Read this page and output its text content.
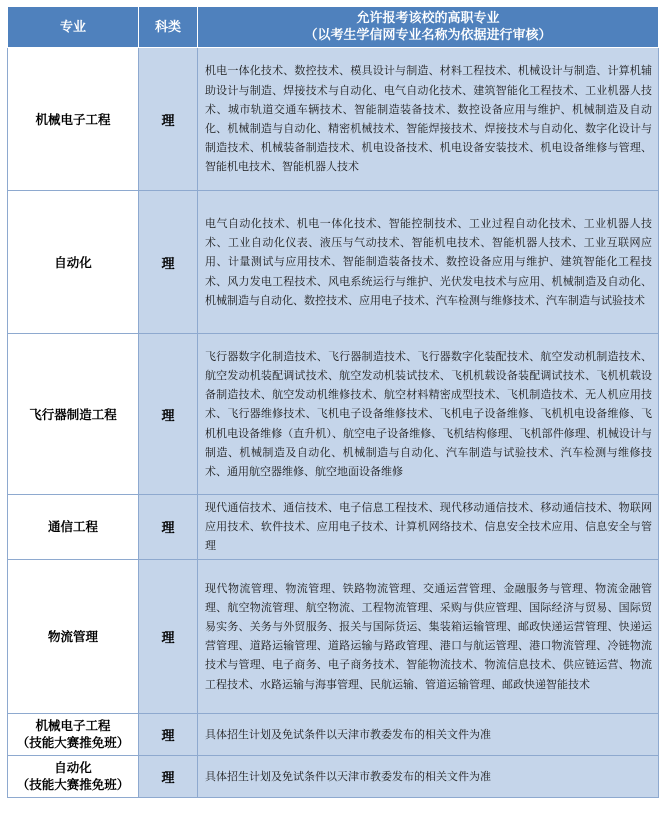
专业	科类	允许报考该校的高职专业
（以考生学信网专业名称为依据进行审核）

机械电子工程	理	机电一体化技术、数控技术、模具设计与制造、材料工程技术、机械设计与制造、计算机辅助设计与制造、焊接技术与自动化、电气自动化技术、建筑智能化工程技术、工业机器人技术、城市轨道交通车辆技术、智能制造装备技术、数控设备应用与维护、机械制造及自动化、机械制造与自动化、精密机械技术、智能焊接技术、焊接技术与自动化、数字化设计与制造技术、机械装备制造技术、机电设备技术、机电设备安装技术、机电设备维修与管理、智能机电技术、智能机器人技术
自动化	理	电气自动化技术、机电一体化技术、智能控制技术、工业过程自动化技术、工业机器人技术、工业自动化仪表、液压与气动技术、智能机电技术、智能机器人技术、工业互联网应用、计量测试与应用技术、智能制造装备技术、数控设备应用与维护、建筑智能化工程技术、风力发电工程技术、风电系统运行与维护、光伏发电技术与应用、机械制造及自动化、机械制造与自动化、数控技术、应用电子技术、汽车检测与维修技术、汽车制造与试验技术
飞行器制造工程	理	飞行器数字化制造技术、飞行器制造技术、飞行器数字化装配技术、航空发动机制造技术、航空发动机装配调试技术、航空发动机装试技术、飞机机载设备装配调试技术、飞机机载设备制造技术、航空发动机维修技术、航空材料精密成型技术、飞机制造技术、无人机应用技术、飞行器维修技术、飞机电子设备维修技术、飞机电子设备维修、飞机机电设备维修、飞机机电设备维修（直升机）、航空电子设备维修、飞机结构修理、飞机部件修理、机械设计与制造、机械制造及自动化、机械制造与自动化、汽车制造与试验技术、汽车检测与维修技术、通用航空器维修、航空地面设备维修
通信工程	理	现代通信技术、通信技术、电子信息工程技术、现代移动通信技术、移动通信技术、物联网应用技术、软件技术、应用电子技术、计算机网络技术、信息安全技术应用、信息安全与管理
物流管理	理	现代物流管理、物流管理、铁路物流管理、交通运营管理、金融服务与管理、物流金融管理、航空物流管理、航空物流、工程物流管理、采购与供应管理、国际经济与贸易、国际贸易实务、关务与外贸服务、报关与国际货运、集装箱运输管理、邮政快递运营管理、快递运营管理、道路运输管理、道路运输与路政管理、港口与航运管理、港口物流管理、冷链物流技术与管理、电子商务、电子商务技术、智能物流技术、物流信息技术、供应链运营、物流工程技术、水路运输与海事管理、民航运输、管道运输管理、邮政快递智能技术

机械电子工程
（技能大赛推免班）	理	具体招生计划及免试条件以天津市教委发布的相关文件为准

自动化
（技能大赛推免班）	理	具体招生计划及免试条件以天津市教委发布的相关文件为准
